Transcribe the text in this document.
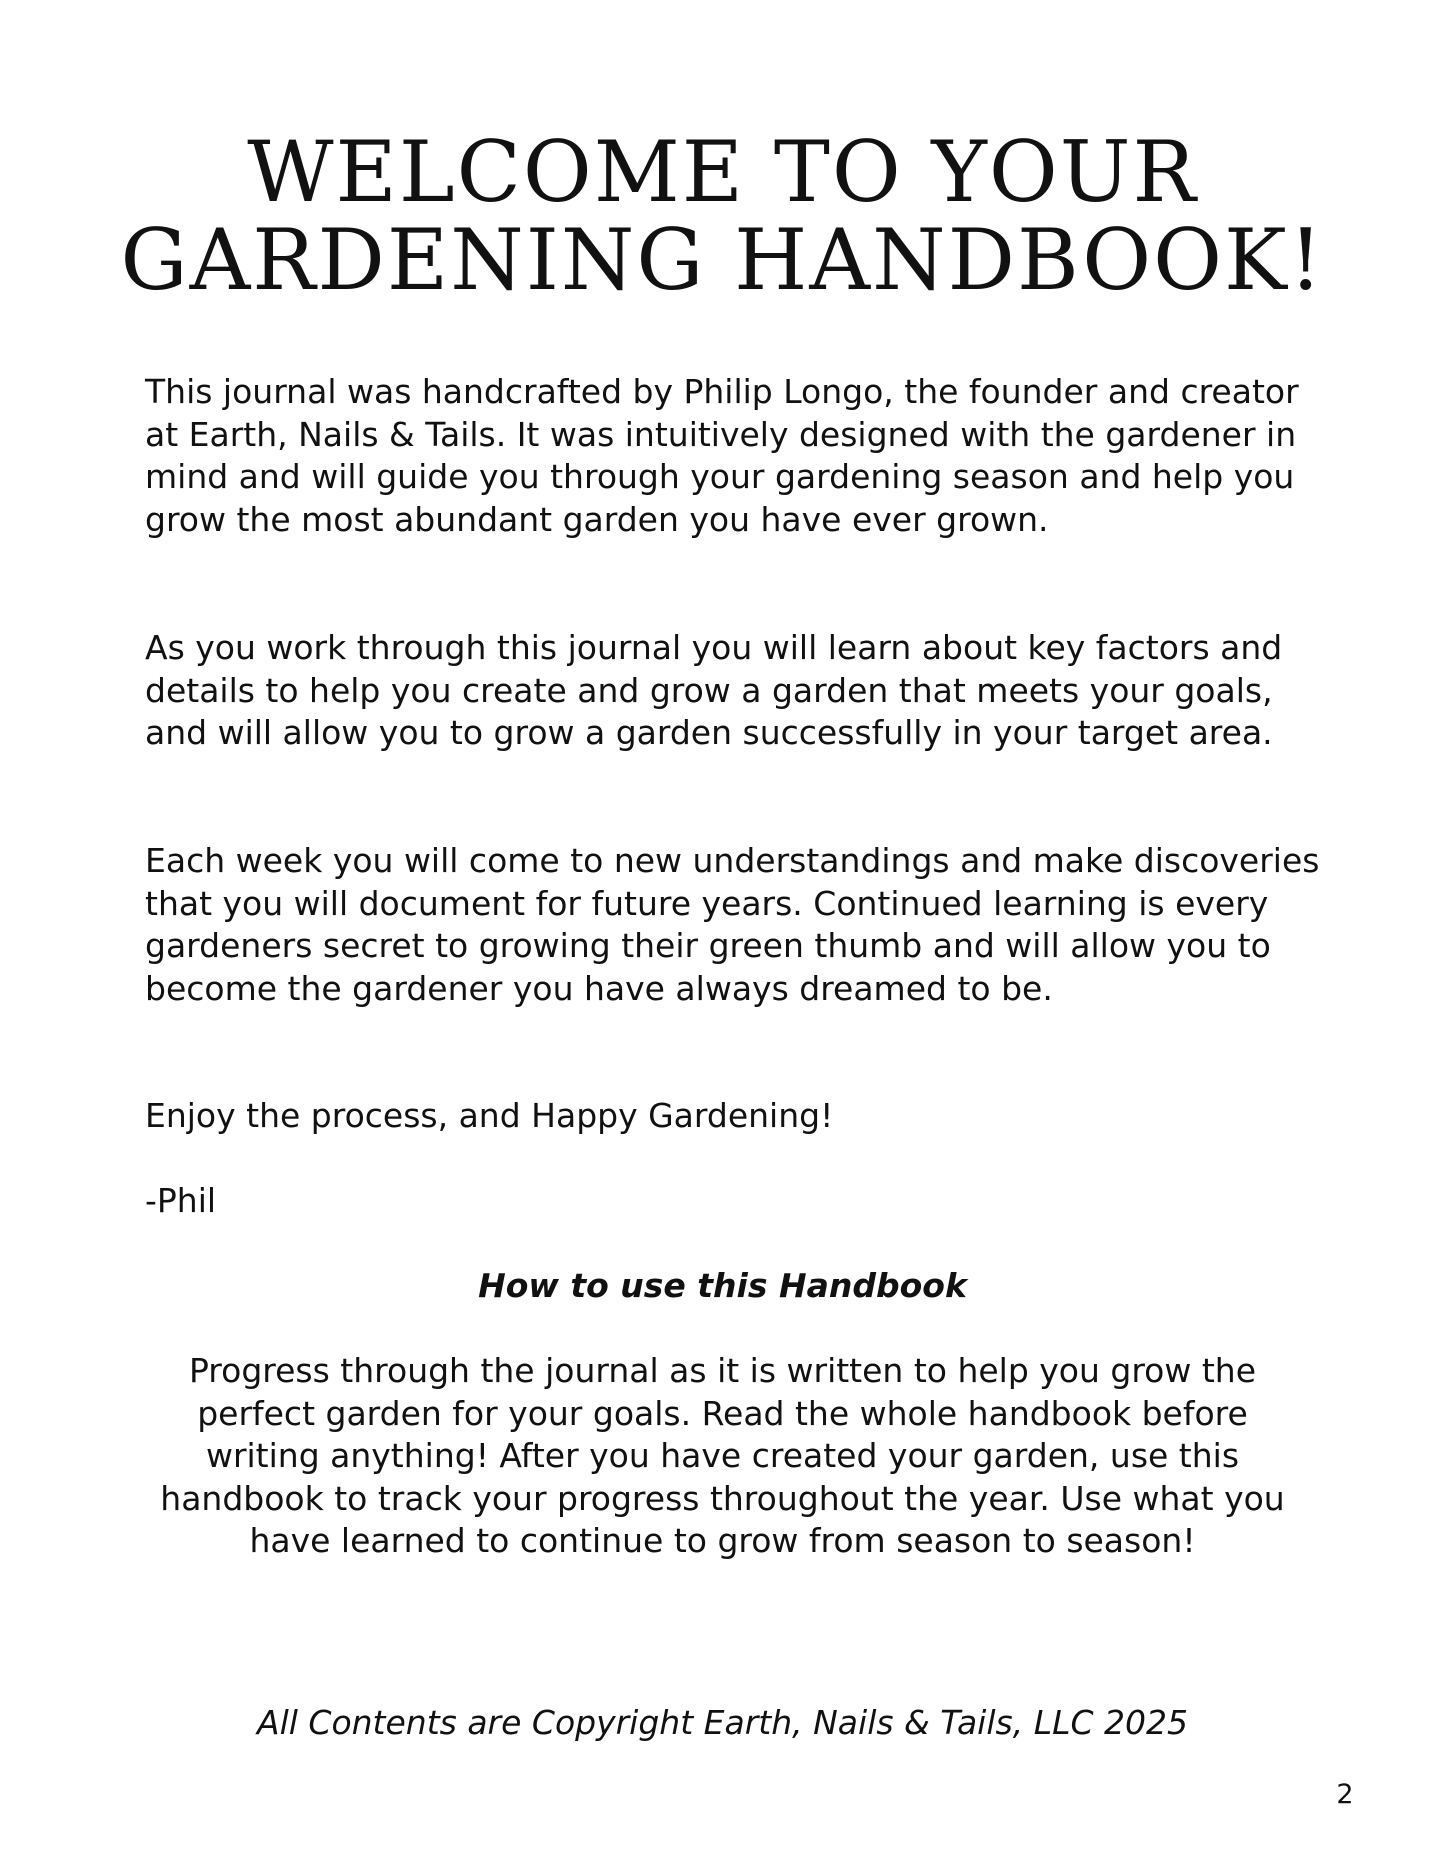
WELCOME TO YOUR
GARDENING HANDBOOK!

This journal was handcrafted by Philip Longo, the founder and creator at Earth, Nails & Tails. It was intuitively designed with the gardener in mind and will guide you through your gardening season and help you grow the most abundant garden you have ever grown.

As you work through this journal you will learn about key factors and details to help you create and grow a garden that meets your goals, and will allow you to grow a garden successfully in your target area.

Each week you will come to new understandings and make discoveries that you will document for future years. Continued learning is every gardeners secret to growing their green thumb and will allow you to become the gardener you have always dreamed to be.

Enjoy the process, and Happy Gardening!

-Phil

How to use this Handbook

Progress through the journal as it is written to help you grow the perfect garden for your goals. Read the whole handbook before writing anything! After you have created your garden, use this handbook to track your progress throughout the year. Use what you have learned to continue to grow from season to season!

All Contents are Copyright Earth, Nails & Tails, LLC 2025

2
